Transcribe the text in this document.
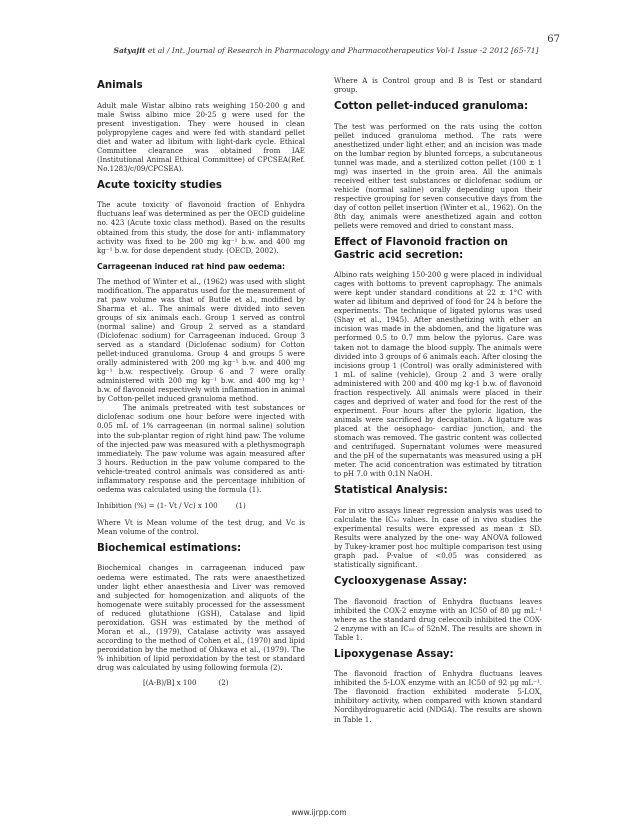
67
Satyajit et al / Int. Journal of Research in Pharmacology and Pharmacotherapeutics Vol-1 Issue -2 2012 [65-71]
Animals

Adult male Wistar albino rats weighing 150-200 g and male Swiss albino mice 20-25 g were used for the present investigation. They were housed in clean polypropylene cages and were fed with standard pellet diet and water ad libitum with light-dark cycle. Ethical Committee clearance was obtained from IAE (Institutional Animal Ethical Committee) of CPCSEA(Ref. No.1283/c/09/CPCSEA).

Acute toxicity studies

The acute toxicity of flavonoid fraction of Enhydra fluctuans leaf was determined as per the OECD guideline no. 423 (Acute toxic class method). Based on the results obtained from this study, the dose for anti- inflammatory activity was fixed to be 200 mg kg⁻¹ b.w. and 400 mg kg⁻¹ b.w. for dose dependent study. (OECD, 2002).

Carrageenan induced rat hind paw oedema:

The method of Winter et al., (1962) was used with slight modification. The apparatus used for the measurement of rat paw volume was that of Buttle et al., modified by Sharma et al.. The animals were divided into seven groups of six animals each. Group 1 served as control (normal saline) and Group 2 served as a standard (Diclofenac sodium) for Carrageenan induced. Group 3 served as a standard (Diclofenac sodium) for Cotton pellet-induced granuloma. Group 4 and groups 5 were orally administered with 200 mg kg⁻¹ b.w. and 400 mg kg⁻¹ b.w. respectively. Group 6 and 7 were orally administered with 200 mg kg⁻¹ b.w. and 400 mg kg⁻¹ b.w. of flavonoid respectively with inflammation in animal by Cotton-pellet induced granuloma method.

The animals pretreated with test substances or diclofenac sodium one hour before were injected with 0.05 mL of 1% carrageenan (in normal saline) solution into the sub-plantar region of right hind paw. The volume of the injected paw was measured with a plethysmograph immediately. The paw volume was again measured after 3 hours. Reduction in the paw volume compared to the vehicle-treated control animals was considered as anti- inflammatory response and the percentage inhibition of oedema was calculated using the formula (1).

Inhibition (%) = (1- Vt / Vc) x 100	(1)

Where Vt is Mean volume of the test drug, and Vc is Mean volume of the control.

Biochemical estimations:

Biochemical changes in carrageenan induced paw oedema were estimated. The rats were anaesthetized under light ether anaesthesia and Liver was removed and subjected for homogenization and aliquots of the homogenate were suitably processed for the assessment of reduced glutathione (GSH), Catalase and lipid peroxidation. GSH was estimated by the method of Moran et al., (1979), Catalase activity was assayed according to the method of Cohen et al., (1970) and lipid peroxidation by the method of Ohkawa et al., (1979). The % inhibition of lipid peroxidation by the test or standard drug was calculated by using following formula (2).

[(A-B)/B] x 100	(2)

Where A is Control group and B is Test or standard group.

Cotton pellet-induced granuloma:

The test was performed on the rats using the cotton pellet induced granuloma method. The rats were anesthetized under light ether, and an incision was made on the lumbar region by blunted forceps, a subcutaneous tunnel was made, and a sterilized cotton pellet (100 ± 1 mg) was inserted in the groin area. All the animals received either test substances or diclofenac sodium or vehicle (normal saline) orally depending upon their respective grouping for seven consecutive days from the day of cotton pellet insertion (Winter et al., 1962). On the 8th day, animals were anesthetized again and cotton pellets were removed and dried to constant mass.

Effect of Flavonoid fraction on Gastric acid secretion:

Albino rats weighing 150-200 g were placed in individual cages with bottoms to prevent caprophagy. The animals were kept under standard conditions at 22 ± 1°C with water ad libitum and deprived of food for 24 h before the experiments. The technique of ligated pylorus was used (Shay et al., 1945). After anesthetizing with ether an incision was made in the abdomen, and the ligature was performed 0.5 to 0.7 mm below the pylorus. Care was taken not to damage the blood supply. The animals were divided into 3 groups of 6 animals each. After closing the incisions group 1 (Control) was orally administered with 1 mL of saline (vehicle), Group 2 and 3 were orally administered with 200 and 400 mg kg-1 b.w. of flavonoid fraction respectively. All animals were placed in their cages and deprived of water and food for the rest of the experiment. Four hours after the pyloric ligation, the animals were sacrificed by decapitation. A ligature was placed at the oesophago- cardiac junction, and the stomach was removed. The gastric content was collected and centrifuged. Supernatant volumes were measured and the pH of the supernatants was measured using a pH meter. The acid concentration was estimated by titration to pH 7.0 with 0.1N NaOH.

Statistical Analysis:

For in vitro assays linear regression analysis was used to calculate the IC₅₀ values. In case of in vivo studies the experimental results were expressed as mean ± SD. Results were analyzed by the one- way ANOVA followed by Tukey-kramer post hoc multiple comparison test using graph pad. P-value of <0.05 was considered as statistically significant.

Cyclooxygenase Assay:

The flavonoid fraction of Enhydra fluctuans leaves inhibited the COX-2 enzyme with an IC50 of 80 μg mL⁻¹ where as the standard drug celecoxib inhibited the COX-2 enzyme with an IC₅₀ of 52nM. The results are shown in Table 1.

Lipoxygenase Assay:

The flavonoid fraction of Enhydra fluctuans leaves inhibited the 5-LOX enzyme with an IC50 of 92 μg mL⁻¹. The flavonoid fraction exhibited moderate 5-LOX, inhibitory activity, when compared with known standard Nordihydroguaretic acid (NDGA). The results are shown in Table 1.

www.ijrpp.com
